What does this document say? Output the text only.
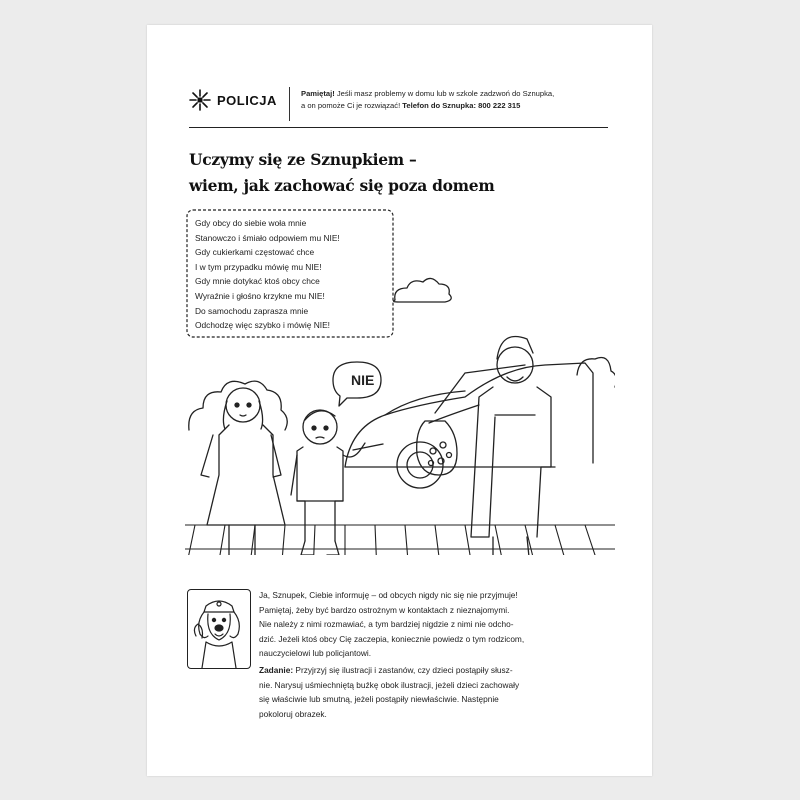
POLICJA	Pamiętaj! Jeśli masz problemy w domu lub w szkole zadzwoń do Sznupka,
a on pomoże Ci je rozwiązać! Telefon do Sznupka: 800 222 315
Uczymy się ze Sznupkiem –
wiem, jak zachować się poza domem
NIE
Gdy obcy do siebie woła mnie
Stanowczo i śmiało odpowiem mu NIE!
Gdy cukierkami częstować chce
I w tym przypadku mówię mu NIE!
Gdy mnie dotykać ktoś obcy chce
Wyraźnie i głośno krzykne mu NIE!
Do samochodu zaprasza mnie
Odchodzę więc szybko i mówię NIE!

Ja, Sznupek, Ciebie informuję – od obcych nigdy nic się nie przyjmuje!

Pamiętaj, żeby być bardzo ostrożnym w kontaktach z nieznajomymi.

Nie należy z nimi rozmawiać, a tym bardziej nigdzie z nimi nie odcho-

dzić. Jeżeli ktoś obcy Cię zaczepia, koniecznie powiedz o tym rodzicom,

nauczycielowi lub policjantowi.

Zadanie: Przyjrzyj się ilustracji i zastanów, czy dzieci postąpiły słusz-

nie. Narysuj uśmiechniętą buźkę obok ilustracji, jeżeli dzieci zachowały

się właściwie lub smutną, jeżeli postąpiły niewłaściwie. Następnie

pokoloruj obrazek.
